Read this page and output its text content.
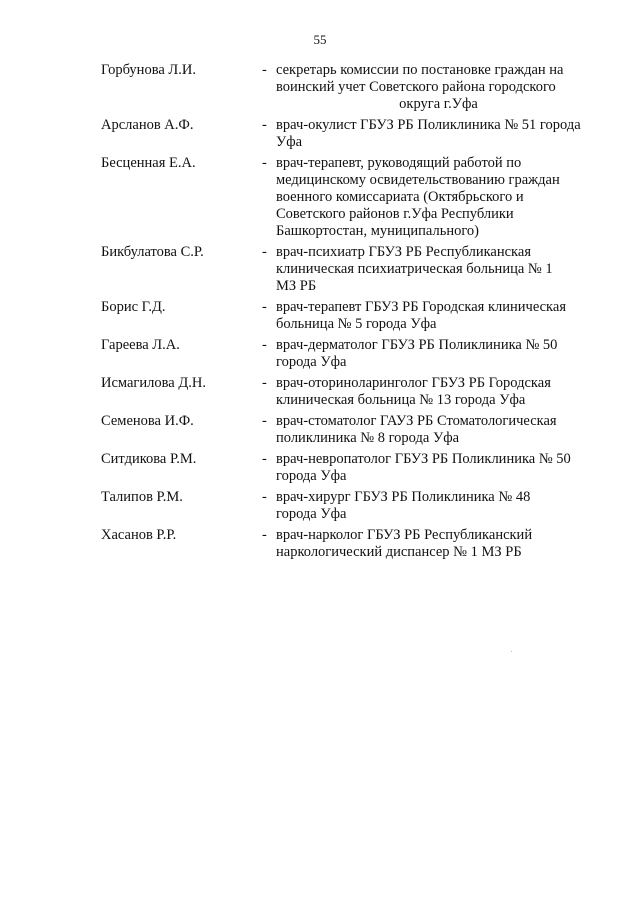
55
Горбунова Л.И.	- секретарь комиссии по постановке граждан на
воинский учет Советского района городского
округа г.Уфа
Арсланов А.Ф.	- врач-окулист ГБУЗ РБ Поликлиника № 51 города
Уфа
Бесценная Е.А.	- врач-терапевт, руководящий работой по
медицинскому освидетельствованию граждан
военного комиссариата (Октябрьского и
Советского районов г.Уфа Республики
Башкортостан, муниципального)
Бикбулатова С.Р.	- врач-психиатр ГБУЗ РБ Республиканская
клиническая психиатрическая больница № 1
МЗ РБ
Борис Г.Д.	- врач-терапевт ГБУЗ РБ Городская клиническая
больница № 5 города Уфа
Гареева Л.А.	- врач-дерматолог ГБУЗ РБ Поликлиника № 50
города Уфа
Исмагилова Д.Н.	- врач-оториноларинголог ГБУЗ РБ Городская
клиническая больница № 13 города Уфа
Семенова И.Ф.	- врач-стоматолог ГАУЗ РБ Стоматологическая
поликлиника № 8 города Уфа
Ситдикова Р.М.	- врач-невропатолог ГБУЗ РБ Поликлиника № 50
города Уфа
Талипов Р.М.	- врач-хирург ГБУЗ РБ Поликлиника № 48
города Уфа
Хасанов Р.Р.	- врач-нарколог ГБУЗ РБ Республиканский
наркологический диспансер № 1 МЗ РБ
